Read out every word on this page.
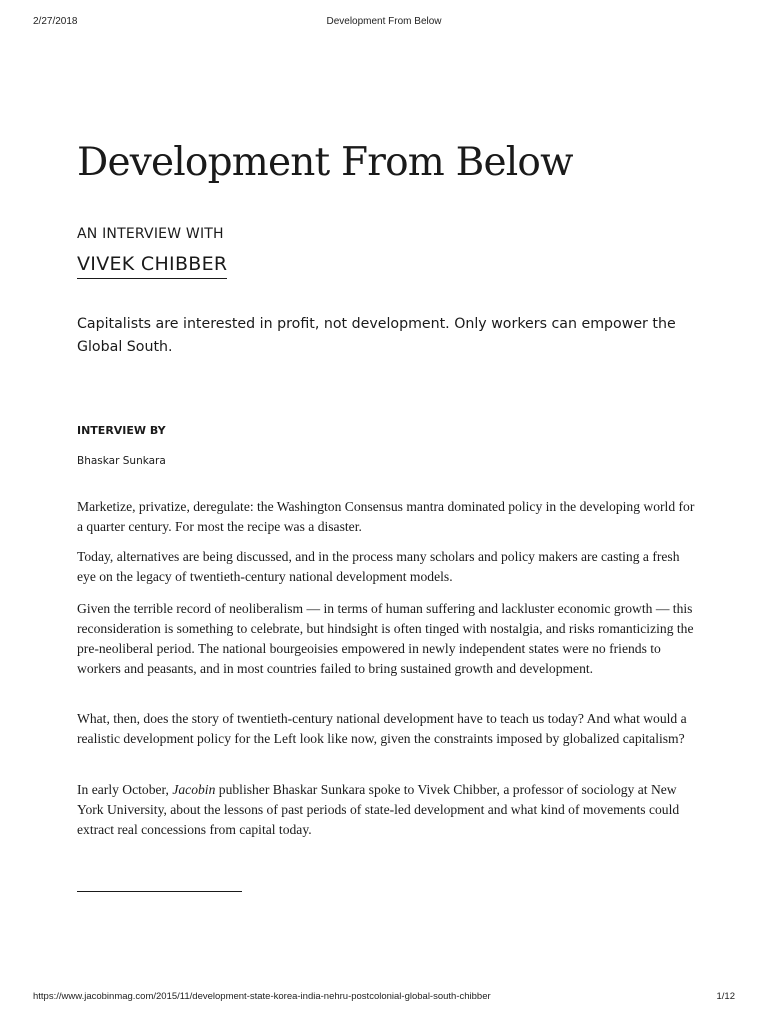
2/27/2018	Development From Below
Development From Below
AN INTERVIEW WITH
VIVEK CHIBBER
Capitalists are interested in profit, not development. Only workers can empower the Global South.
INTERVIEW BY
Bhaskar Sunkara

Marketize, privatize, deregulate: the Washington Consensus mantra dominated policy in the developing world for a quarter century. For most the recipe was a disaster.

Today, alternatives are being discussed, and in the process many scholars and policy makers are casting a fresh eye on the legacy of twentieth-century national development models.

Given the terrible record of neoliberalism — in terms of human suffering and lackluster economic growth — this reconsideration is something to celebrate, but hindsight is often tinged with nostalgia, and risks romanticizing the pre-neoliberal period. The national bourgeoisies empowered in newly independent states were no friends to workers and peasants, and in most countries failed to bring sustained growth and development.

What, then, does the story of twentieth-century national development have to teach us today? And what would a realistic development policy for the Left look like now, given the constraints imposed by globalized capitalism?

In early October, Jacobin publisher Bhaskar Sunkara spoke to Vivek Chibber, a professor of sociology at New York University, about the lessons of past periods of state-led development and what kind of movements could extract real concessions from capital today.

https://www.jacobinmag.com/2015/11/development-state-korea-india-nehru-postcolonial-global-south-chibber	1/12
